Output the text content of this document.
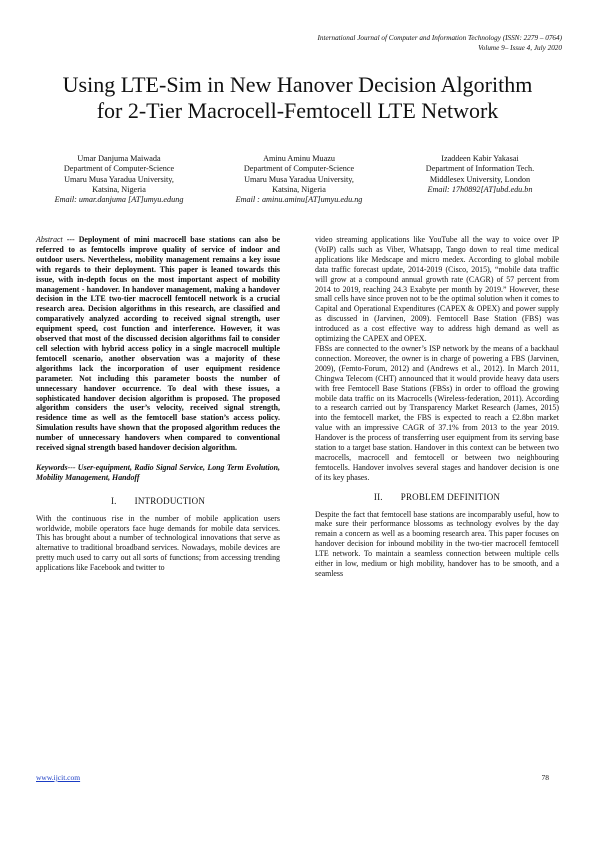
International Journal of Computer and Information Technology (ISSN: 2279 – 0764)
Volume 9– Issue 4, July 2020
Using LTE-Sim in New Hanover Decision Algorithm
for 2-Tier Macrocell-Femtocell LTE Network
Umar Danjuma Maiwada
Department of Computer-Science
Umaru Musa Yaradua University,
Katsina, Nigeria
Email: umar.danjuma [AT]umyu.edung
Aminu Aminu Muazu
Department of Computer-Science
Umaru Musa Yaradua University,
Katsina, Nigeria
Email : aminu.aminu[AT]umyu.edu.ng
Izaddeen Kabir Yakasai
Department of Information Tech.
Middlesex University, London
Email: 17h0892[AT]ubd.edu.bn

Abstract --- Deployment of mini macrocell base stations can also be referred to as femtocells improve quality of service of indoor and outdoor users. Nevertheless, mobility management remains a key issue with regards to their deployment. This paper is leaned towards this issue, with in-depth focus on the most important aspect of mobility management - handover. In handover management, making a handover decision in the LTE two-tier macrocell femtocell network is a crucial research area. Decision algorithms in this research, are classified and comparatively analyzed according to received signal strength, user equipment speed, cost function and interference. However, it was observed that most of the discussed decision algorithms fail to consider cell selection with hybrid access policy in a single macrocell multiple femtocell scenario, another observation was a majority of these algorithms lack the incorporation of user equipment residence parameter. Not including this parameter boosts the number of unnecessary handover occurrence. To deal with these issues, a sophisticated handover decision algorithm is proposed. The proposed algorithm considers the user’s velocity, received signal strength, residence time as well as the femtocell base station’s access policy. Simulation results have shown that the proposed algorithm reduces the number of unnecessary handovers when compared to conventional received signal strength based handover decision algorithm.

Keywords--- User-equipment, Radio Signal Service, Long Term Evolution, Mobility Management, Handoff

I. INTRODUCTION

With the continuous rise in the number of mobile application users worldwide, mobile operators face huge demands for mobile data services. This has brought about a number of technological innovations that serve as alternative to traditional broadband services. Nowadays, mobile devices are pretty much used to carry out all sorts of functions; from accessing trending applications like Facebook and twitter to

video streaming applications like YouTube all the way to voice over IP (VoIP) calls such as Viber, Whatsapp, Tango down to real time medical applications like Medscape and micro medex. According to global mobile data traffic forecast update, 2014-2019 (Cisco, 2015), “mobile data traffic will grow at a compound annual growth rate (CAGR) of 57 percent from 2014 to 2019, reaching 24.3 Exabyte per month by 2019.” However, these small cells have since proven not to be the optimal solution when it comes to Capital and Operational Expenditures (CAPEX & OPEX) and power supply as discussed in (Jarvinen, 2009). Femtocell Base Station (FBS) was introduced as a cost effective way to address high demand as well as optimizing the CAPEX and OPEX.

FBSs are connected to the owner’s ISP network by the means of a backhaul connection. Moreover, the owner is in charge of powering a FBS (Jarvinen, 2009), (Femto-Forum, 2012) and (Andrews et al., 2012). In March 2011, Chingwa Telecom (CHT) announced that it would provide heavy data users with free Femtocell Base Stations (FBSs) in order to offload the growing mobile data traffic on its Macrocells (Wireless-federation, 2011). According to a research carried out by Transparency Market Research (James, 2015) into the femtocell market, the FBS is expected to reach a £2.8bn market value with an impressive CAGR of 37.1% from 2013 to the year 2019. Handover is the process of transferring user equipment from its serving base station to a target base station. Handover in this context can be between two macrocells, macrocell and femtocell or between two neighbouring femtocells. Handover involves several stages and handover decision is one of its key phases.

II. PROBLEM DEFINITION

Despite the fact that femtocell base stations are incomparably useful, how to make sure their performance blossoms as technology evolves by the day remain a concern as well as a booming research area. This paper focuses on handover decision for inbound mobility in the two-tier macrocell femtocell LTE network. To maintain a seamless connection between multiple cells either in low, medium or high mobility, handover has to be smooth, and a seamless

www.ijcit.com	78
